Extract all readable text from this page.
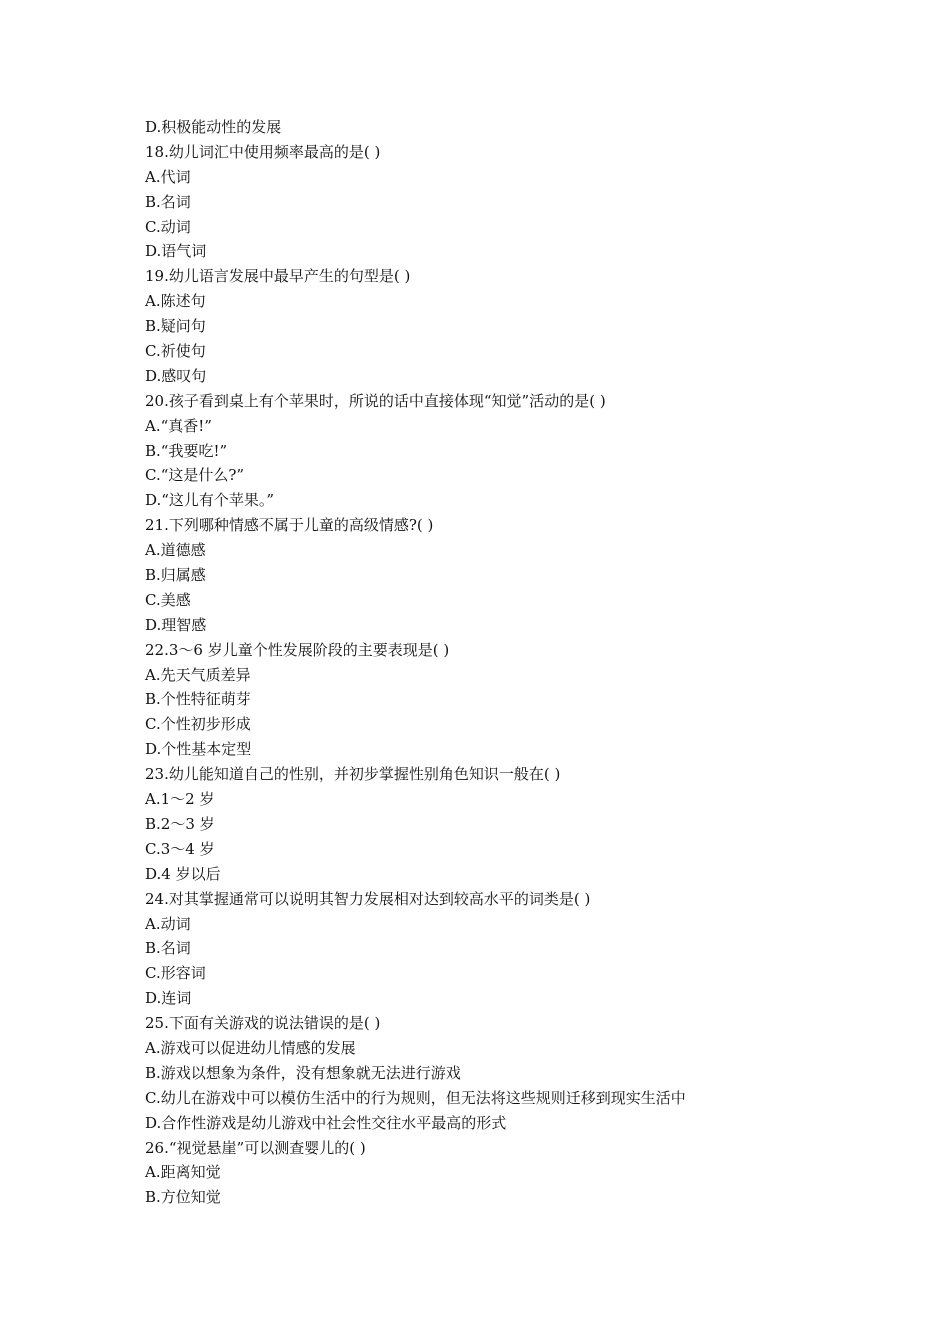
D.积极能动性的发展

18.幼儿词汇中使用频率最高的是( )

A.代词

B.名词

C.动词

D.语气词

19.幼儿语言发展中最早产生的句型是( )

A.陈述句

B.疑问句

C.祈使句

D.感叹句

20.孩子看到桌上有个苹果时，所说的话中直接体现“知觉”活动的是( )

A.“真香!”

B.“我要吃!”

C.“这是什么?”

D.“这儿有个苹果。”

21.下列哪种情感不属于儿童的高级情感?( )

A.道德感

B.归属感

C.美感

D.理智感

22.3～6 岁儿童个性发展阶段的主要表现是( )

A.先天气质差异

B.个性特征萌芽

C.个性初步形成

D.个性基本定型

23.幼儿能知道自己的性别，并初步掌握性别角色知识一般在( )

A.1～2 岁

B.2～3 岁

C.3～4 岁

D.4 岁以后

24.对其掌握通常可以说明其智力发展相对达到较高水平的词类是( )

A.动词

B.名词

C.形容词

D.连词

25.下面有关游戏的说法错误的是( )

A.游戏可以促进幼儿情感的发展

B.游戏以想象为条件，没有想象就无法进行游戏

C.幼儿在游戏中可以模仿生活中的行为规则，但无法将这些规则迁移到现实生活中

D.合作性游戏是幼儿游戏中社会性交往水平最高的形式

26.“视觉悬崖”可以测查婴儿的( )

A.距离知觉

B.方位知觉
